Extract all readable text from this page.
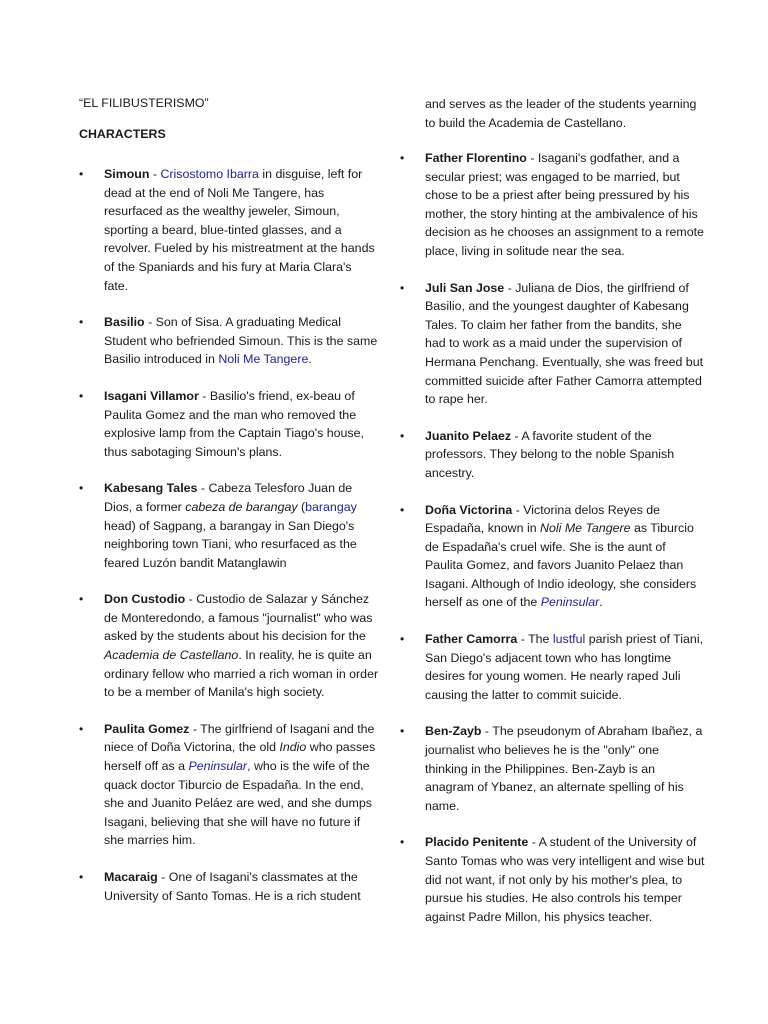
“EL FILIBUSTERISMO”
CHARACTERS
• Simoun - Crisostomo Ibarra in disguise, left for dead at the end of Noli Me Tangere, has resurfaced as the wealthy jeweler, Simoun, sporting a beard, blue-tinted glasses, and a revolver. Fueled by his mistreatment at the hands of the Spaniards and his fury at Maria Clara's fate.
• Basilio - Son of Sisa. A graduating Medical Student who befriended Simoun. This is the same Basilio introduced in Noli Me Tangere.
• Isagani Villamor - Basilio's friend, ex-beau of Paulita Gomez and the man who removed the explosive lamp from the Captain Tiago's house, thus sabotaging Simoun's plans.
• Kabesang Tales - Cabeza Telesforo Juan de Dios, a former cabeza de barangay (barangay head) of Sagpang, a barangay in San Diego's neighboring town Tiani, who resurfaced as the feared Luzón bandit Matanglawin
• Don Custodio - Custodio de Salazar y Sánchez de Monteredondo, a famous "journalist" who was asked by the students about his decision for the Academia de Castellano. In reality, he is quite an ordinary fellow who married a rich woman in order to be a member of Manila's high society.
• Paulita Gomez - The girlfriend of Isagani and the niece of Doña Victorina, the old Indio who passes herself off as a Peninsular, who is the wife of the quack doctor Tiburcio de Espadaña. In the end, she and Juanito Peláez are wed, and she dumps Isagani, believing that she will have no future if she marries him.
• Macaraig - One of Isagani's classmates at the University of Santo Tomas. He is a rich student
and serves as the leader of the students yearning to build the Academia de Castellano.
• Father Florentino - Isagani's godfather, and a secular priest; was engaged to be married, but chose to be a priest after being pressured by his mother, the story hinting at the ambivalence of his decision as he chooses an assignment to a remote place, living in solitude near the sea.
• Juli San Jose - Juliana de Dios, the girlfriend of Basilio, and the youngest daughter of Kabesang Tales. To claim her father from the bandits, she had to work as a maid under the supervision of Hermana Penchang. Eventually, she was freed but committed suicide after Father Camorra attempted to rape her.
• Juanito Pelaez - A favorite student of the professors. They belong to the noble Spanish ancestry.
• Doña Victorina - Victorina delos Reyes de Espadaña, known in Noli Me Tangere as Tiburcio de Espadaña's cruel wife. She is the aunt of Paulita Gomez, and favors Juanito Pelaez than Isagani. Although of Indio ideology, she considers herself as one of the Peninsular.
• Father Camorra - The lustful parish priest of Tiani, San Diego's adjacent town who has longtime desires for young women. He nearly raped Juli causing the latter to commit suicide.
• Ben-Zayb - The pseudonym of Abraham Ibañez, a journalist who believes he is the "only" one thinking in the Philippines. Ben-Zayb is an anagram of Ybanez, an alternate spelling of his name.
• Placido Penitente - A student of the University of Santo Tomas who was very intelligent and wise but did not want, if not only by his mother's plea, to pursue his studies. He also controls his temper against Padre Millon, his physics teacher.
